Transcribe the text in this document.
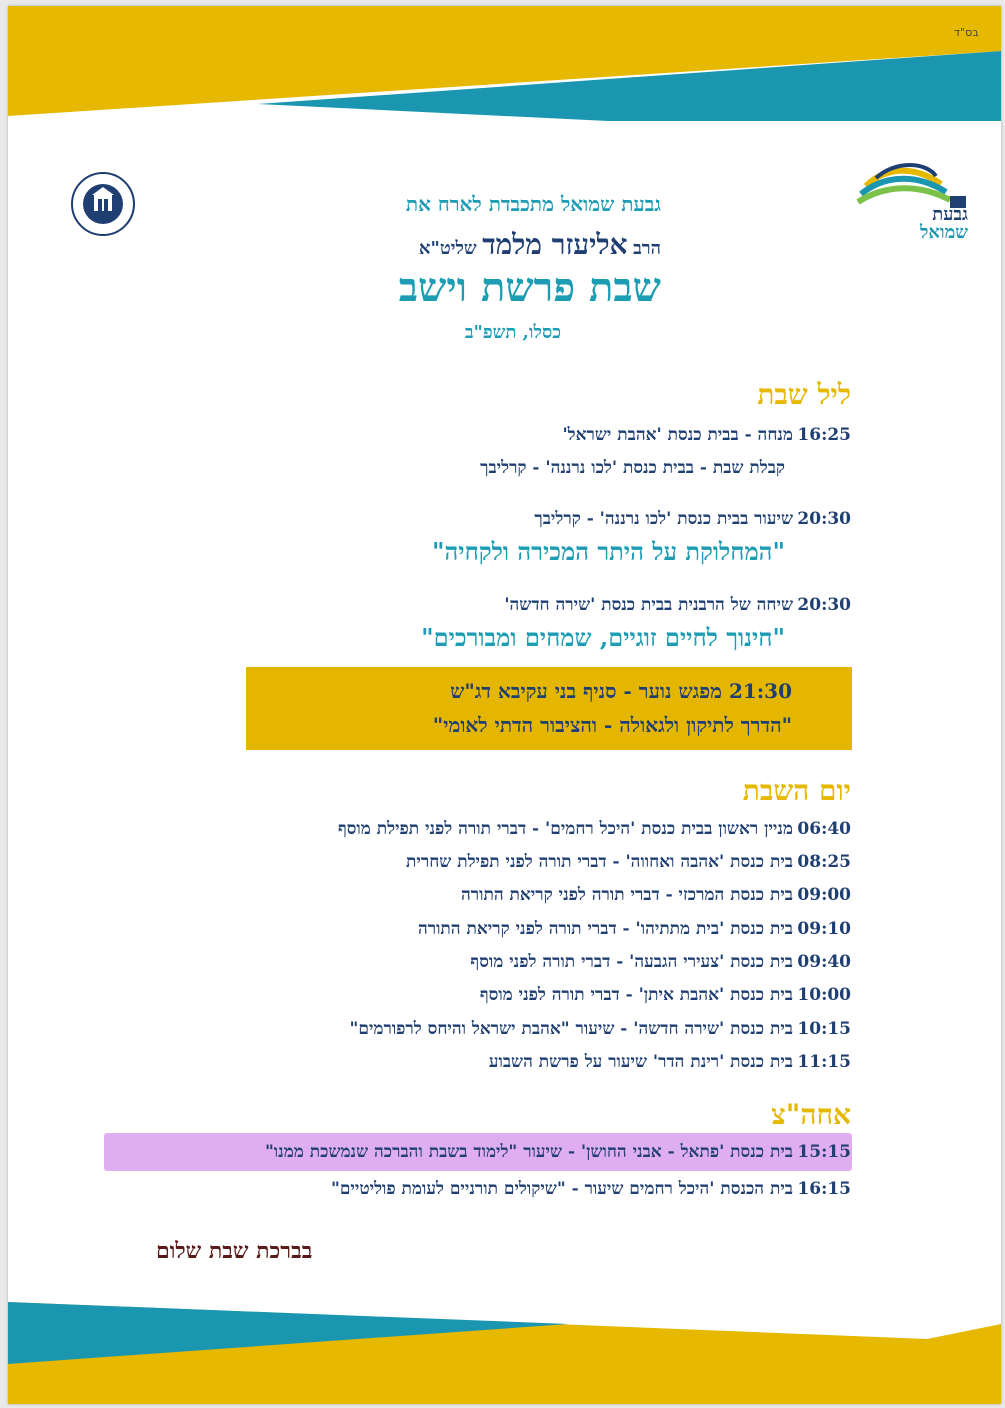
בס"ד
גבעת
שמואל
גבעת שמואל מתכבדת לארח את
הרב אליעזר מלמד שליט"א
שבת פרשת וישב
כסלו, תשפ"ב
ליל שבת
16:25
מנחה - בבית כנסת 'אהבת ישראל'
קבלת שבת - בבית כנסת 'לכו נרננה' - קרליבך
20:30
שיעור בבית כנסת 'לכו נרננה' - קרליבך
"המחלוקת על היתר המכירה ולקחיה"
20:30
שיחה של הרבנית בבית כנסת 'שירה חדשה'
"חינוך לחיים זוגיים, שמחים ומבורכים"
21:30 מפגש נוער - סניף בני עקיבא דג"ש
"הדרך לתיקון ולגאולה - והציבור הדתי לאומי"
יום השבת
06:40
מניין ראשון בבית כנסת 'היכל רחמים' - דברי תורה לפני תפילת מוסף
08:25
בית כנסת 'אהבה ואחווה' - דברי תורה לפני תפילת שחרית
09:00
בית כנסת המרכזי - דברי תורה לפני קריאת התורה
09:10
בית כנסת 'בית מתתיהו' - דברי תורה לפני קריאת התורה
09:40
בית כנסת 'צעירי הגבעה' - דברי תורה לפני מוסף
10:00
בית כנסת 'אהבת איתן' - דברי תורה לפני מוסף
10:15
בית כנסת 'שירה חדשה' - שיעור "אהבת ישראל והיחס לרפורמים"
11:15
בית כנסת 'רינת הדר' שיעור על פרשת השבוע
אחה"צ
15:15
בית כנסת 'פתאל - אבני החושן' - שיעור "לימוד בשבת והברכה שנמשכת ממנו"
16:15
בית הכנסת 'היכל רחמים שיעור - "שיקולים תורניים לעומת פוליטיים"
בברכת שבת שלום
